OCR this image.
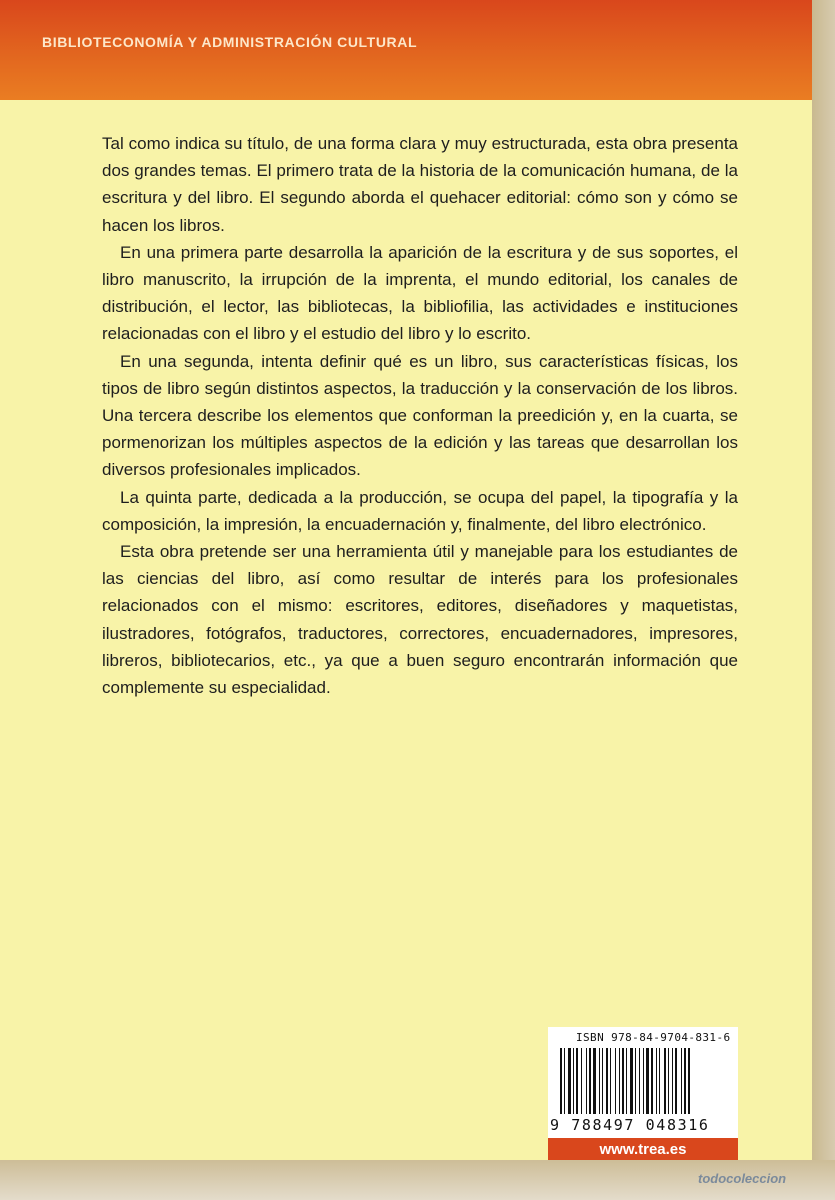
BIBLIOTECONOMÍA Y ADMINISTRACIÓN CULTURAL

Tal como indica su título, de una forma clara y muy estructurada, esta obra presenta dos grandes temas. El primero trata de la historia de la comunicación humana, de la escritura y del libro. El segundo aborda el quehacer editorial: cómo son y cómo se hacen los libros.

En una primera parte desarrolla la aparición de la escritura y de sus soportes, el libro manuscrito, la irrupción de la imprenta, el mundo editorial, los canales de distribución, el lector, las bibliotecas, la bibliofilia, las actividades e instituciones relacionadas con el libro y el estudio del libro y lo escrito.

En una segunda, intenta definir qué es un libro, sus características físicas, los tipos de libro según distintos aspectos, la traducción y la conservación de los libros. Una tercera describe los elementos que conforman la preedición y, en la cuarta, se pormenorizan los múltiples aspectos de la edición y las tareas que desarrollan los diversos profesionales implicados.

La quinta parte, dedicada a la producción, se ocupa del papel, la tipografía y la composición, la impresión, la encuadernación y, finalmente, del libro electrónico.

Esta obra pretende ser una herramienta útil y manejable para los estudiantes de las ciencias del libro, así como resultar de interés para los profesionales relacionados con el mismo: escritores, editores, diseñadores y maquetistas, ilustradores, fotógrafos, traductores, correctores, encuadernadores, impresores, libreros, bibliotecarios, etc., ya que a buen seguro encontrarán información que complemente su especialidad.

ISBN 978-84-9704-831-6
9 788497 048316
www.trea.es
todocoleccion
